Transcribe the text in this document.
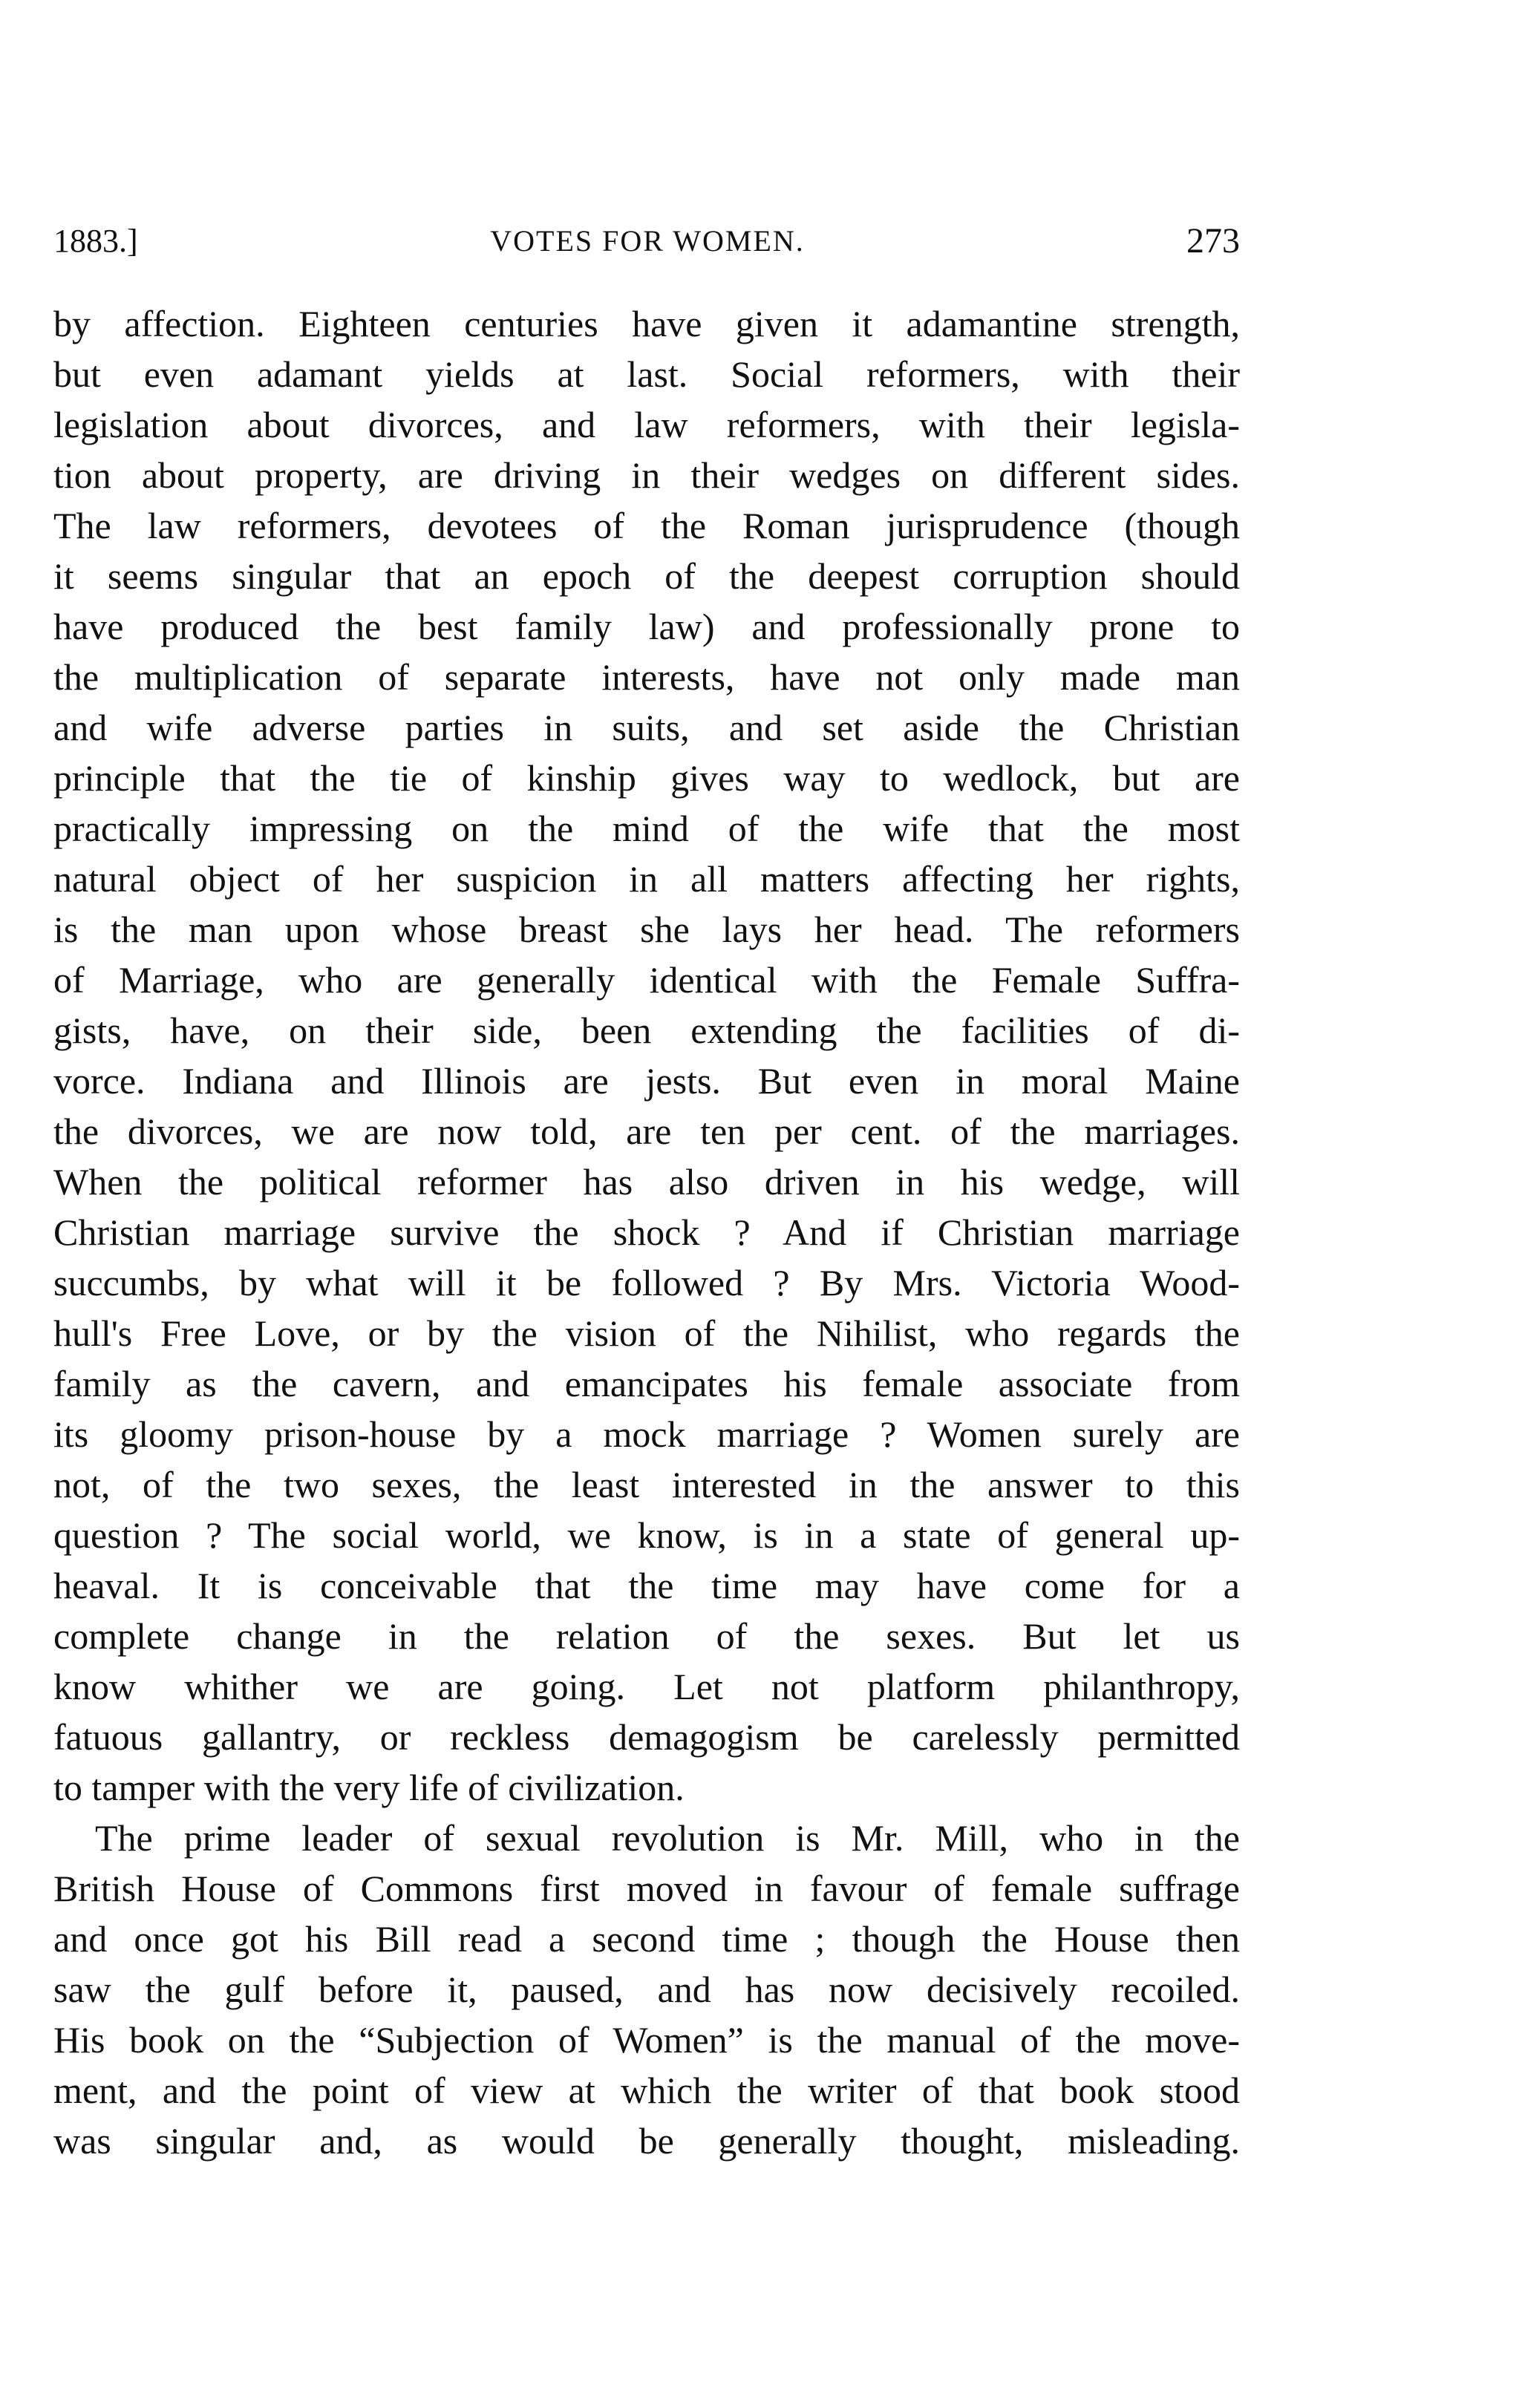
1883.]	VOTES FOR WOMEN.	273
by affection. Eighteen centuries have given it adamantine strength,
but even adamant yields at last. Social reformers, with their
legislation about divorces, and law reformers, with their legisla-
tion about property, are driving in their wedges on different sides.
The law reformers, devotees of the Roman jurisprudence (though
it seems singular that an epoch of the deepest corruption should
have produced the best family law) and professionally prone to
the multiplication of separate interests, have not only made man
and wife adverse parties in suits, and set aside the Christian
principle that the tie of kinship gives way to wedlock, but are
practically impressing on the mind of the wife that the most
natural object of her suspicion in all matters affecting her rights,
is the man upon whose breast she lays her head. The reformers
of Marriage, who are generally identical with the Female Suffra-
gists, have, on their side, been extending the facilities of di-
vorce. Indiana and Illinois are jests. But even in moral Maine
the divorces, we are now told, are ten per cent. of the marriages.
When the political reformer has also driven in his wedge, will
Christian marriage survive the shock ? And if Christian marriage
succumbs, by what will it be followed ? By Mrs. Victoria Wood-
hull's Free Love, or by the vision of the Nihilist, who regards the
family as the cavern, and emancipates his female associate from
its gloomy prison-house by a mock marriage ? Women surely are
not, of the two sexes, the least interested in the answer to this
question ? The social world, we know, is in a state of general up-
heaval. It is conceivable that the time may have come for a
complete change in the relation of the sexes. But let us
know whither we are going. Let not platform philanthropy,
fatuous gallantry, or reckless demagogism be carelessly permitted
to tamper with the very life of civilization.
The prime leader of sexual revolution is Mr. Mill, who in the
British House of Commons first moved in favour of female suffrage
and once got his Bill read a second time ; though the House then
saw the gulf before it, paused, and has now decisively recoiled.
His book on the “Subjection of Women” is the manual of the move-
ment, and the point of view at which the writer of that book stood
was singular and, as would be generally thought, misleading.
